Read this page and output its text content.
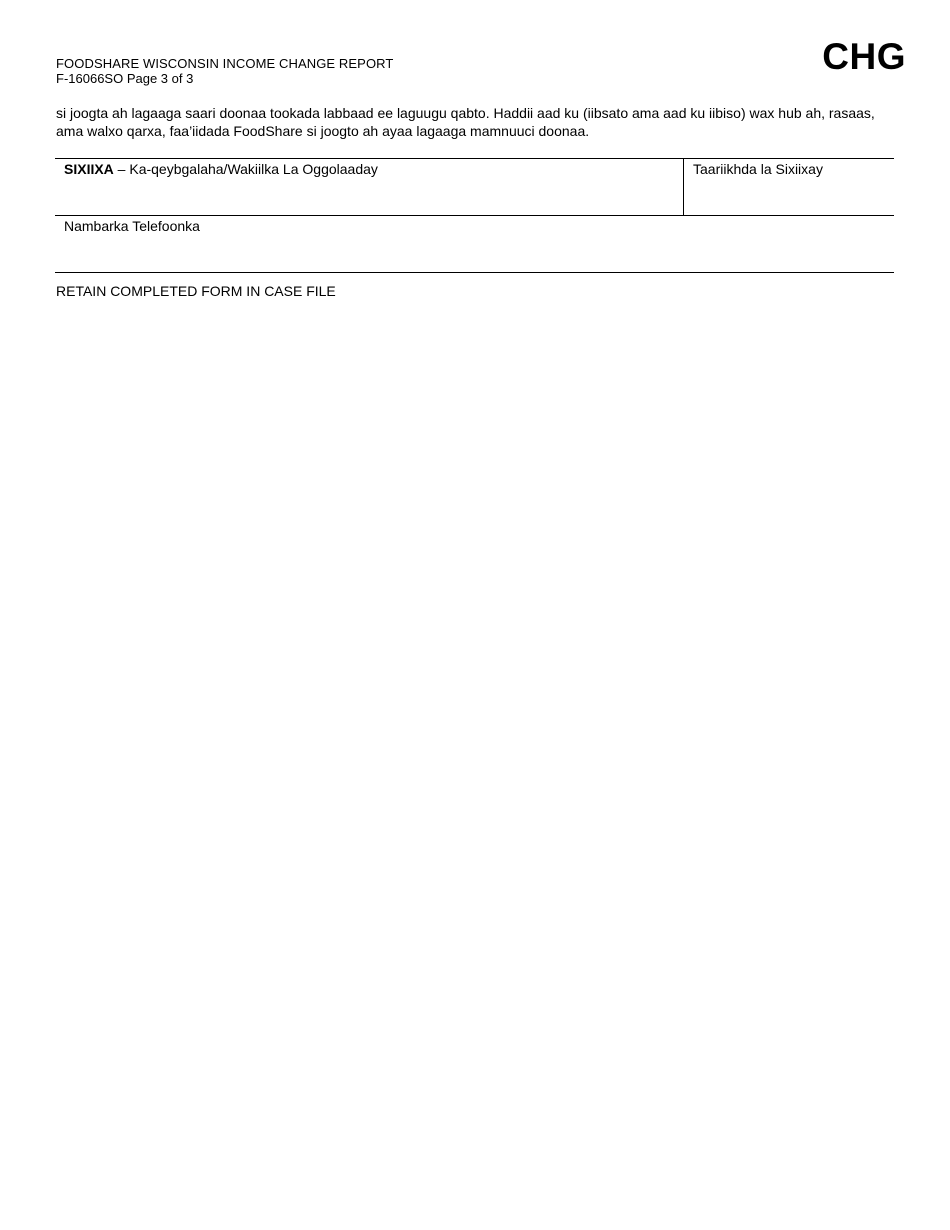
FOODSHARE WISCONSIN INCOME CHANGE REPORT
F-16066SO Page 3 of 3
CHG
si joogta ah lagaaga saari doonaa tookada labbaad ee laguugu qabto. Haddii aad ku (iibsato ama aad ku iibiso) wax hub ah, rasaas, ama walxo qarxa, faa’iidada FoodShare si joogto ah ayaa lagaaga mamnuuci doonaa.
SIXIIXA – Ka-qeybgalaha/Wakiilka La Oggolaaday	Taariikhda la Sixiixay
Nambarka Telefoonka
RETAIN COMPLETED FORM IN CASE FILE
